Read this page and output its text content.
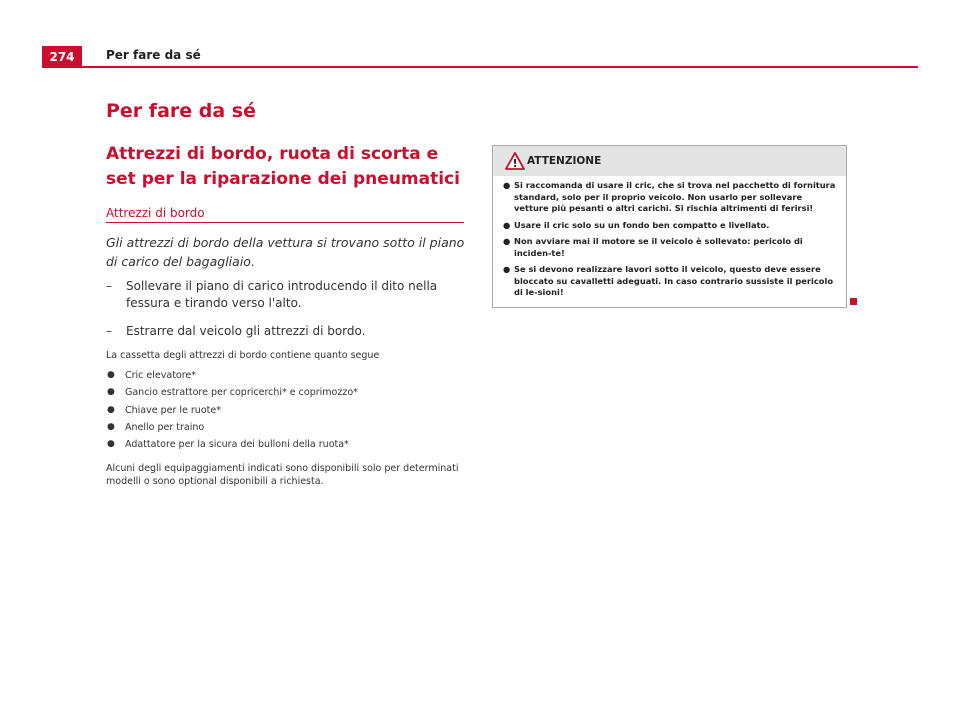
274	Per fare da sé
Per fare da sé
Attrezzi di bordo, ruota di scorta e set per la riparazione dei pneumatici
Attrezzi di bordo

Gli attrezzi di bordo della vettura si trovano sotto il piano di carico del bagagliaio.

– Sollevare il piano di carico introducendo il dito nella fessura e tirando verso l'alto.
– Estrarre dal veicolo gli attrezzi di bordo.

La cassetta degli attrezzi di bordo contiene quanto segue

● Cric elevatore*
● Gancio estrattore per copricerchi* e coprimozzo*
● Chiave per le ruote*
● Anello per traino
● Adattatore per la sicura dei bulloni della ruota*

Alcuni degli equipaggiamenti indicati sono disponibili solo per determinati modelli o sono optional disponibili a richiesta.

! ATTENZIONE
● Si raccomanda di usare il cric, che si trova nel pacchetto di fornitura standard, solo per il proprio veicolo. Non usarlo per sollevare vetture più pesanti o altri carichi. Si rischia altrimenti di ferirsi!
● Usare il cric solo su un fondo ben compatto e livellato.
● Non avviare mai il motore se il veicolo è sollevato: pericolo di inciden-te!
● Se si devono realizzare lavori sotto il veicolo, questo deve essere bloccato su cavalletti adeguati. In caso contrario sussiste il pericolo di le-sioni!
